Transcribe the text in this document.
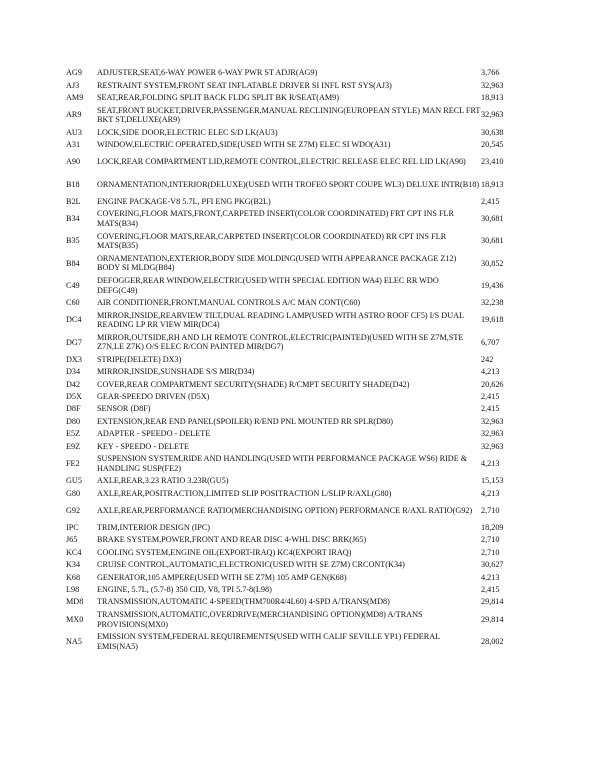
AG9	ADJUSTER,SEAT,6-WAY POWER 6-WAY PWR ST ADJR(AG9)	3,766
AJ3	RESTRAINT SYSTEM,FRONT SEAT INFLATABLE DRIVER SI INFL RST SYS(AJ3)	32,963
AM9	SEAT,REAR,FOLDING SPLIT BACK FLDG SPLIT BK R/SEAT(AM9)	18,913
AR9	SEAT,FRONT BUCKET,DRIVER,PASSENGER,MANUAL RECLINING(EUROPEAN STYLE) MAN RECL FRT BKT ST,DELUXE(AR9)	32,963
AU3	LOCK,SIDE DOOR,ELECTRIC ELEC S/D LK(AU3)	30,638
A31	WINDOW,ELECTRIC OPERATED,SIDE(USED WITH SE Z7M) ELEC SI WDO(A31)	20,545
A90	LOCK,REAR COMPARTMENT LID,REMOTE CONTROL,ELECTRIC RELEASE ELEC REL LID LK(A90)	23,410
B18	ORNAMENTATION,INTERIOR(DELUXE)(USED WITH TROFEO SPORT COUPE WL3) DELUXE INTR(B18)	18,913
B2L	ENGINE PACKAGE-V8 5.7L, PFI ENG PKG(B2L)	2,415
B34	COVERING,FLOOR MATS,FRONT,CARPETED INSERT(COLOR COORDINATED) FRT CPT INS FLR MATS(B34)	30,681
B35	COVERING,FLOOR MATS,REAR,CARPETED INSERT(COLOR COORDINATED) RR CPT INS FLR MATS(B35)	30,681
B84	ORNAMENTATION,EXTERIOR,BODY SIDE MOLDING(USED WITH APPEARANCE PACKAGE Z12) BODY SI MLDG(B84)	30,852
C49	DEFOGGER,REAR WINDOW,ELECTRIC(USED WITH SPECIAL EDITION WA4) ELEC RR WDO DEFG(C49)	19,436
C60	AIR CONDITIONER,FRONT,MANUAL CONTROLS A/C MAN CONT(C60)	32,238
DC4	MIRROR,INSIDE,REARVIEW TILT,DUAL READING LAMP(USED WITH ASTRO ROOF CF5) I/S DUAL READING LP RR VIEW MIR(DC4)	19,618
DG7	MIRROR,OUTSIDE,RH AND LH REMOTE CONTROL,ELECTRIC(PAINTED)(USED WITH SE Z7M,STE Z7N,LE Z7K) O/S ELEC R/CON PAINTED MIR(DG7)	6,707
DX3	STRIPE(DELETE) DX3)	242
D34	MIRROR,INSIDE,SUNSHADE S/S MIR(D34)	4,213
D42	COVER,REAR COMPARTMENT SECURITY(SHADE) R/CMPT SECURITY SHADE(D42)	20,626
D5X	GEAR-SPEEDO DRIVEN (D5X)	2,415
D8F	SENSOR (D8F)	2,415
D80	EXTENSION,REAR END PANEL(SPOILER) R/END PNL MOUNTED RR SPLR(D80)	32,963
E5Z	ADAPTER - SPEEDO - DELETE	32,963
E9Z	KEY - SPEEDO - DELETE	32,963
FE2	SUSPENSION SYSTEM,RIDE AND HANDLING(USED WITH PERFORMANCE PACKAGE WS6) RIDE & HANDLING SUSP(FE2)	4,213
GU5	AXLE,REAR,3.23 RATIO 3.23R(GU5)	15,153
G80	AXLE,REAR,POSITRACTION,LIMITED SLIP POSITRACTION L/SLIP R/AXL(G80)	4,213
G92	AXLE,REAR,PERFORMANCE RATIO(MERCHANDISING OPTION) PERFORMANCE R/AXL RATIO(G92)	2,710
IPC	TRIM,INTERIOR DESIGN (IPC)	18,209
J65	BRAKE SYSTEM,POWER,FRONT AND REAR DISC 4-WHL DISC BRK(J65)	2,710
KC4	COOLING SYSTEM,ENGINE OIL(EXPORT-IRAQ) KC4(EXPORT IRAQ)	2,710
K34	CRUISE CONTROL,AUTOMATIC,ELECTRONIC(USED WITH SE Z7M) CRCONT(K34)	30,627
K68	GENERATOR,105 AMPERE(USED WITH SE Z7M) 105 AMP GEN(K68)	4,213
L98	ENGINE, 5.7L, (5.7-8) 350 CID, V8, TPI 5.7-8(L98)	2,415
MD8	TRANSMISSION,AUTOMATIC 4-SPEED(THM700R4/4L60) 4-SPD A/TRANS(MD8)	29,814
MX0	TRANSMISSION,AUTOMATIC,OVERDRIVE(MERCHANDISING OPTION)(MD8) A/TRANS PROVISIONS(MX0)	29,814
NA5	EMISSION SYSTEM,FEDERAL REQUIREMENTS(USED WITH CALIF SEVILLE YP1) FEDERAL EMIS(NA5)	28,002
